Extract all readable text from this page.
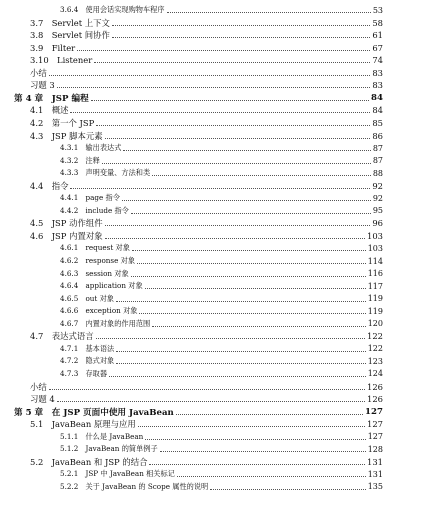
3.6.4　使用会话实现购物车程序	53
3.7　Servlet 上下文	58
3.8　Servlet 间协作	61
3.9　Filter	67
3.10　Listener	74
小结	83
习题 3	83
第 4 章　JSP 编程	84
4.1　概述	84
4.2　第一个 JSP	85
4.3　JSP 脚本元素	86
4.3.1　输出表达式	87
4.3.2　注释	87
4.3.3　声明变量、方法和类	88
4.4　指令	92
4.4.1　page 指令	92
4.4.2　include 指令	95
4.5　JSP 动作组件	96
4.6　JSP 内置对象	103
4.6.1　request 对象	103
4.6.2　response 对象	114
4.6.3　session 对象	116
4.6.4　application 对象	117
4.6.5　out 对象	119
4.6.6　exception 对象	119
4.6.7　内置对象的作用范围	120
4.7　表达式语言	122
4.7.1　基本语法	122
4.7.2　隐式对象	123
4.7.3　存取器	124
小结	126
习题 4	126
第 5 章　在 JSP 页面中使用 JavaBean	127
5.1　JavaBean 原理与应用	127
5.1.1　什么是 JavaBean	127
5.1.2　JavaBean 的简单例子	128
5.2　JavaBean 和 JSP 的结合	131
5.2.1　JSP 中 JavaBean 相关标记	131
5.2.2　关于 JavaBean 的 Scope 属性的说明	135
